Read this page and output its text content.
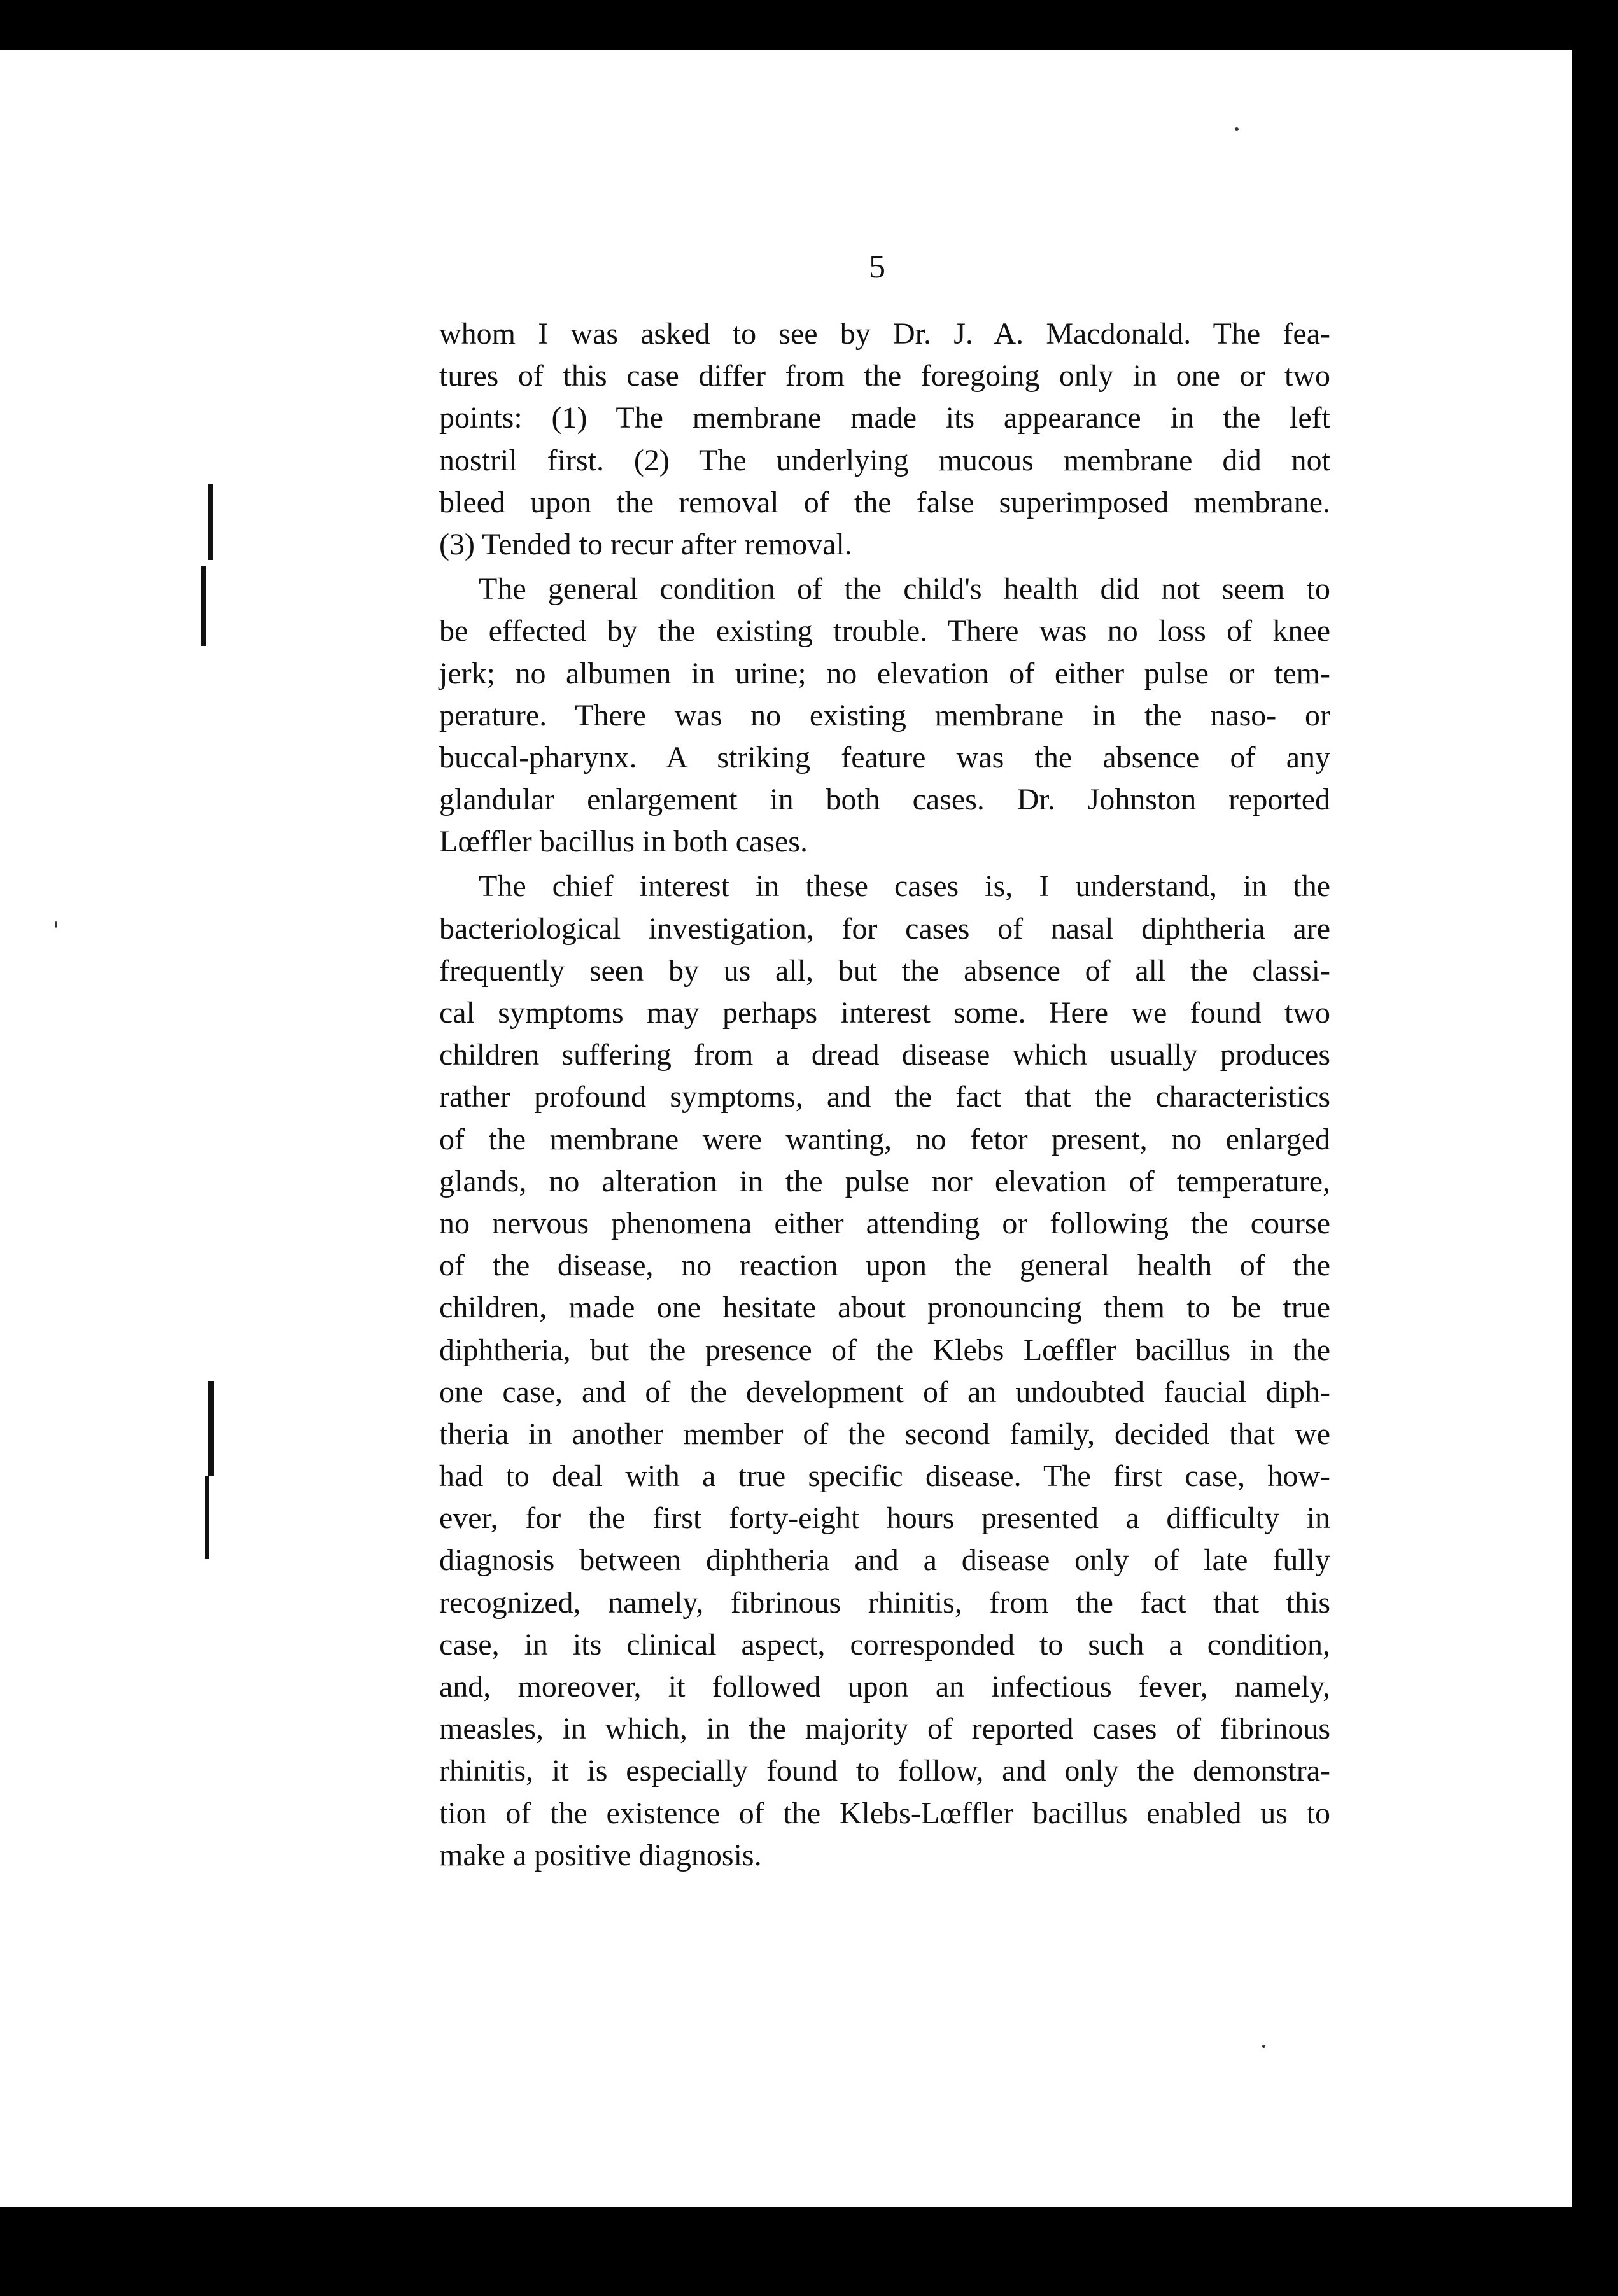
5
whom I was asked to see by Dr. J. A. Macdonald. The fea-
tures of this case differ from the foregoing only in one or two
points: (1) The membrane made its appearance in the left
nostril first. (2) The underlying mucous membrane did not
bleed upon the removal of the false superimposed membrane.
(3) Tended to recur after removal.
The general condition of the child's health did not seem to
be effected by the existing trouble. There was no loss of knee
jerk; no albumen in urine; no elevation of either pulse or tem-
perature. There was no existing membrane in the naso- or
buccal-pharynx. A striking feature was the absence of any
glandular enlargement in both cases. Dr. Johnston reported
Lœffler bacillus in both cases.
The chief interest in these cases is, I understand, in the
bacteriological investigation, for cases of nasal diphtheria are
frequently seen by us all, but the absence of all the classi-
cal symptoms may perhaps interest some. Here we found two
children suffering from a dread disease which usually produces
rather profound symptoms, and the fact that the characteristics
of the membrane were wanting, no fetor present, no enlarged
glands, no alteration in the pulse nor elevation of temperature,
no nervous phenomena either attending or following the course
of the disease, no reaction upon the general health of the
children, made one hesitate about pronouncing them to be true
diphtheria, but the presence of the Klebs Lœffler bacillus in the
one case, and of the development of an undoubted faucial diph-
theria in another member of the second family, decided that we
had to deal with a true specific disease. The first case, how-
ever, for the first forty-eight hours presented a difficulty in
diagnosis between diphtheria and a disease only of late fully
recognized, namely, fibrinous rhinitis, from the fact that this
case, in its clinical aspect, corresponded to such a condition,
and, moreover, it followed upon an infectious fever, namely,
measles, in which, in the majority of reported cases of fibrinous
rhinitis, it is especially found to follow, and only the demonstra-
tion of the existence of the Klebs-Lœffler bacillus enabled us to
make a positive diagnosis.
